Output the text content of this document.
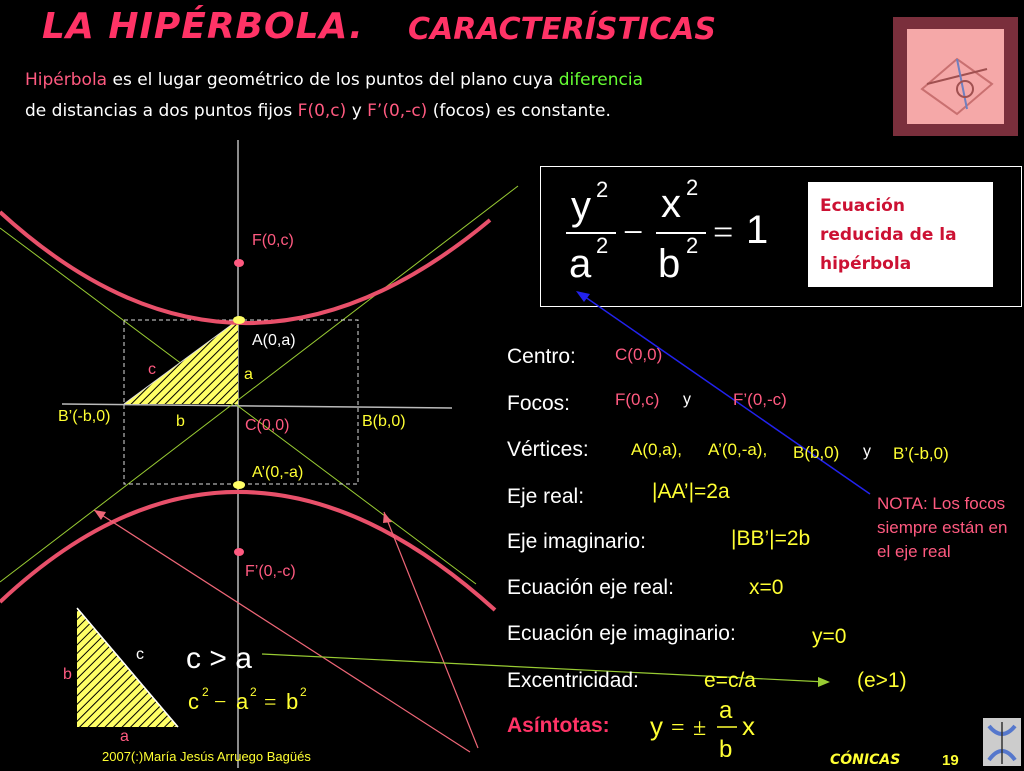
LA HIPÉRBOLA. CARACTERÍSTICAS
Hipérbola es el lugar geométrico de los puntos del plano cuya diferencia
de distancias a dos puntos fijos F(0,c) y F’(0,-c) (focos) es constante.
y 2
a 2 −
x 2
b 2 = 1
Ecuación reducida de la hipérbola
F(0,c)
A(0,a)
c	a
B’(-b,0)	b	C(0,0)	B(b,0)
A’(0,-a)
F’(0,-c)
c
b
a
c > a
c 2 − a 2 = b 2
Centro: C(0,0)
Focos:	F(0,c) y F’(0,-c)
Vértices: A(0,a), A’(0,-a), B(b,0) y B’(-b,0)
Eje real:	|AA’|=2a
Eje imaginario:	|BB’|=2b
Ecuación eje real:	x=0
Ecuación eje imaginario:	y=0
Excentricidad:	e=c/a	(e>1)
Asíntotas: y = ±
a
b
x
NOTA: Los focos siempre están en el eje real
2007(:)María Jesús Arruego Bagüés	CÓNICAS	19
